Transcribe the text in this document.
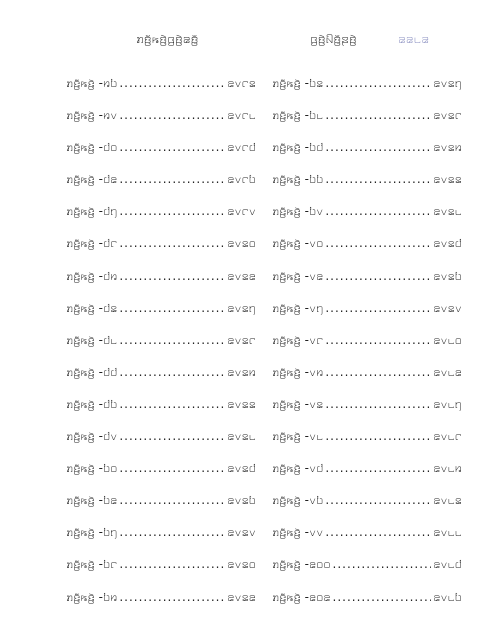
ꤊꤢꤪ꤬ꤒꤢꤧ꤬ꤞꤢꤧ꤬ꤘꤢꤪ꤭	ꤞꤢꤧ꤬ꤡꤢꤪ꤭ꤔꤢꤧ꤬	꤁꤁꤈꤁
ꤊꤢꤪ꤬ꤒꤢꤧ꤬ -꤆꤉ .....	꤁꤂꤅꤃
ꤊꤢꤪ꤬ꤒꤢꤧ꤬ -꤆꤂ .....	꤁꤂꤅꤈
ꤊꤢꤪ꤬ꤒꤢꤧ꤬ -꤇꤀ .....	꤁꤂꤅꤇
ꤊꤢꤪ꤬ꤒꤢꤧ꤬ -꤇꤁ .....	꤁꤂꤅꤉
ꤊꤢꤪ꤬ꤒꤢꤧ꤬ -꤇꤄ .....	꤁꤂꤅꤂
ꤊꤢꤪ꤬ꤒꤢꤧ꤬ -꤇꤅ .....	꤁꤂꤃꤀
ꤊꤢꤪ꤬ꤒꤢꤧ꤬ -꤇꤆ .....	꤁꤂꤃꤁
ꤊꤢꤪ꤬ꤒꤢꤧ꤬ -꤇꤃ .....	꤁꤂꤃꤄
ꤊꤢꤪ꤬ꤒꤢꤧ꤬ -꤇꤈ .....	꤁꤂꤃꤅
ꤊꤢꤪ꤬ꤒꤢꤧ꤬ -꤇꤇ .....	꤁꤂꤃꤆
ꤊꤢꤪ꤬ꤒꤢꤧ꤬ -꤇꤉ .....	꤁꤂꤃꤃
ꤊꤢꤪ꤬ꤒꤢꤧ꤬ -꤇꤂ .....	꤁꤂꤃꤈
ꤊꤢꤪ꤬ꤒꤢꤧ꤬ -꤉꤀ .....	꤁꤂꤃꤇
ꤊꤢꤪ꤬ꤒꤢꤧ꤬ -꤉꤁ .....	꤁꤂꤃꤉
ꤊꤢꤪ꤬ꤒꤢꤧ꤬ -꤉꤄ .....	꤁꤂꤃꤂
ꤊꤢꤪ꤬ꤒꤢꤧ꤬ -꤉꤅ .....	꤁꤂꤃꤀
ꤊꤢꤪ꤬ꤒꤢꤧ꤬ -꤉꤆ .....	꤁꤂꤃꤁
ꤊꤢꤪ꤬ꤒꤢꤧ꤬ -꤉꤃ .....	꤁꤂꤃꤄
ꤊꤢꤪ꤬ꤒꤢꤧ꤬ -꤉꤈ .....	꤁꤂꤃꤅
ꤊꤢꤪ꤬ꤒꤢꤧ꤬ -꤉꤇ .....	꤁꤂꤃꤆
ꤊꤢꤪ꤬ꤒꤢꤧ꤬ -꤉꤉ .....	꤁꤂꤃꤃
ꤊꤢꤪ꤬ꤒꤢꤧ꤬ -꤉꤂ .....	꤁꤂꤃꤈
ꤊꤢꤪ꤬ꤒꤢꤧ꤬ -꤂꤀ .....	꤁꤂꤃꤇
ꤊꤢꤪ꤬ꤒꤢꤧ꤬ -꤂꤁ .....	꤁꤂꤃꤉
ꤊꤢꤪ꤬ꤒꤢꤧ꤬ -꤂꤄ .....	꤁꤂꤃꤂
ꤊꤢꤪ꤬ꤒꤢꤧ꤬ -꤂꤅ .....	꤁꤂꤈꤀
ꤊꤢꤪ꤬ꤒꤢꤧ꤬ -꤂꤆ .....	꤁꤂꤈꤁
ꤊꤢꤪ꤬ꤒꤢꤧ꤬ -꤂꤃ .....	꤁꤂꤈꤄
ꤊꤢꤪ꤬ꤒꤢꤧ꤬ -꤂꤈ .....	꤁꤂꤈꤅
ꤊꤢꤪ꤬ꤒꤢꤧ꤬ -꤂꤇ .....	꤁꤂꤈꤆
ꤊꤢꤪ꤬ꤒꤢꤧ꤬ -꤂꤉ .....	꤁꤂꤈꤃
ꤊꤢꤪ꤬ꤒꤢꤧ꤬ -꤂꤂ .....	꤁꤂꤈꤈
ꤊꤢꤪ꤬ꤒꤢꤧ꤬ -꤁꤀꤀ .....	꤁꤂꤈꤇
ꤊꤢꤪ꤬ꤒꤢꤧ꤬ -꤁꤀꤁ .....	꤁꤂꤈꤉
